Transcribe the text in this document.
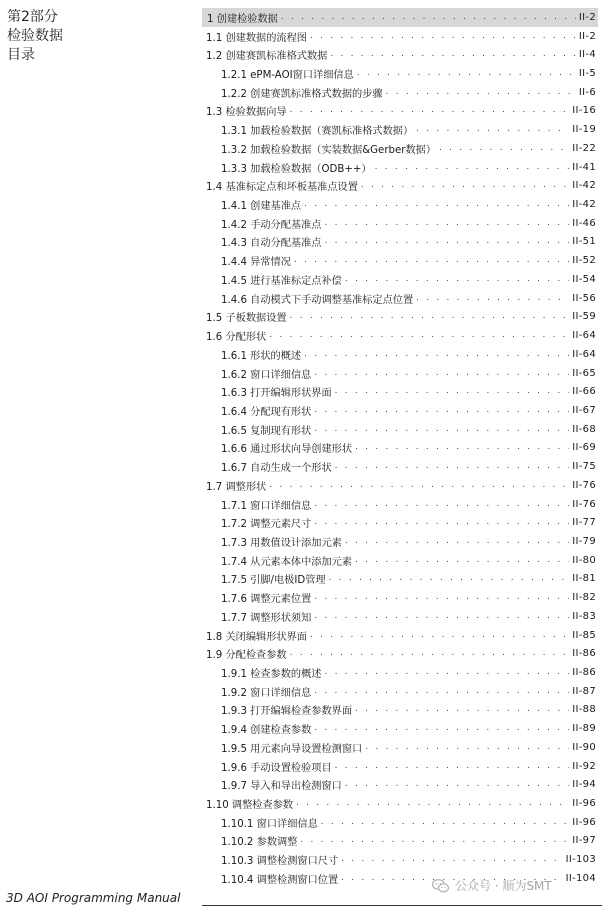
第2部分
检验数据
目录
1 创建检验数据 . . .	II-2
1.1 创建数据的流程图 . . .	II-2
1.2 创建赛凯标准格式数据 . . .	II-4
1.2.1 ePM-AOI窗口详细信息 . . .	II-5
1.2.2 创建赛凯标准格式数据的步骤 . . .	II-6
1.3 检验数据向导 . . .	II-16
1.3.1 加载检验数据（赛凯标准格式数据） . . .	II-19
1.3.2 加载检验数据（实装数据&Gerber数据） . . .	II-22
1.3.3 加载检验数据（ODB++） . . .	II-41
1.4 基准标定点和坏板基准点设置 . . .	II-42
1.4.1 创建基准点 . . .	II-42
1.4.2 手动分配基准点 . . .	II-46
1.4.3 自动分配基准点 . . .	II-51
1.4.4 异常情况 . . .	II-52
1.4.5 进行基准标定点补偿 . . .	II-54
1.4.6 自动模式下手动调整基准标定点位置 . . .	II-56
1.5 子板数据设置 . . .	II-59
1.6 分配形状 . . .	II-64
1.6.1 形状的概述 . . .	II-64
1.6.2 窗口详细信息 . . .	II-65
1.6.3 打开编辑形状界面 . . .	II-66
1.6.4 分配现有形状 . . .	II-67
1.6.5 复制现有形状 . . .	II-68
1.6.6 通过形状向导创建形状 . . .	II-69
1.6.7 自动生成一个形状 . . .	II-75
1.7 调整形状 . . .	II-76
1.7.1 窗口详细信息 . . .	II-76
1.7.2 调整元素尺寸 . . .	II-77
1.7.3 用数值设计添加元素 . . .	II-79
1.7.4 从元素本体中添加元素 . . .	II-80
1.7.5 引脚/电极ID管理 . . .	II-81
1.7.6 调整元素位置 . . .	II-82
1.7.7 调整形状须知 . . .	II-83
1.8 关闭编辑形状界面 . . .	II-85
1.9 分配检查参数 . . .	II-86
1.9.1 检查参数的概述 . . .	II-86
1.9.2 窗口详细信息 . . .	II-87
1.9.3 打开编辑检查参数界面 . . .	II-88
1.9.4 创建检查参数 . . .	II-89
1.9.5 用元素向导设置检测窗口 . . .	II-90
1.9.6 手动设置检验项目 . . .	II-92
1.9.7 导入和导出检测窗口 . . .	II-94
1.10 调整检查参数 . . .	II-96
1.10.1 窗口详细信息 . . .	II-96
1.10.2 参数调整 . . .	II-97
1.10.3 调整检测窗口尺寸 . . .	II-103
1.10.4 调整检测窗口位置 . . .	II-104
3D AOI Programming Manual
公众号 · 顺为SMT
